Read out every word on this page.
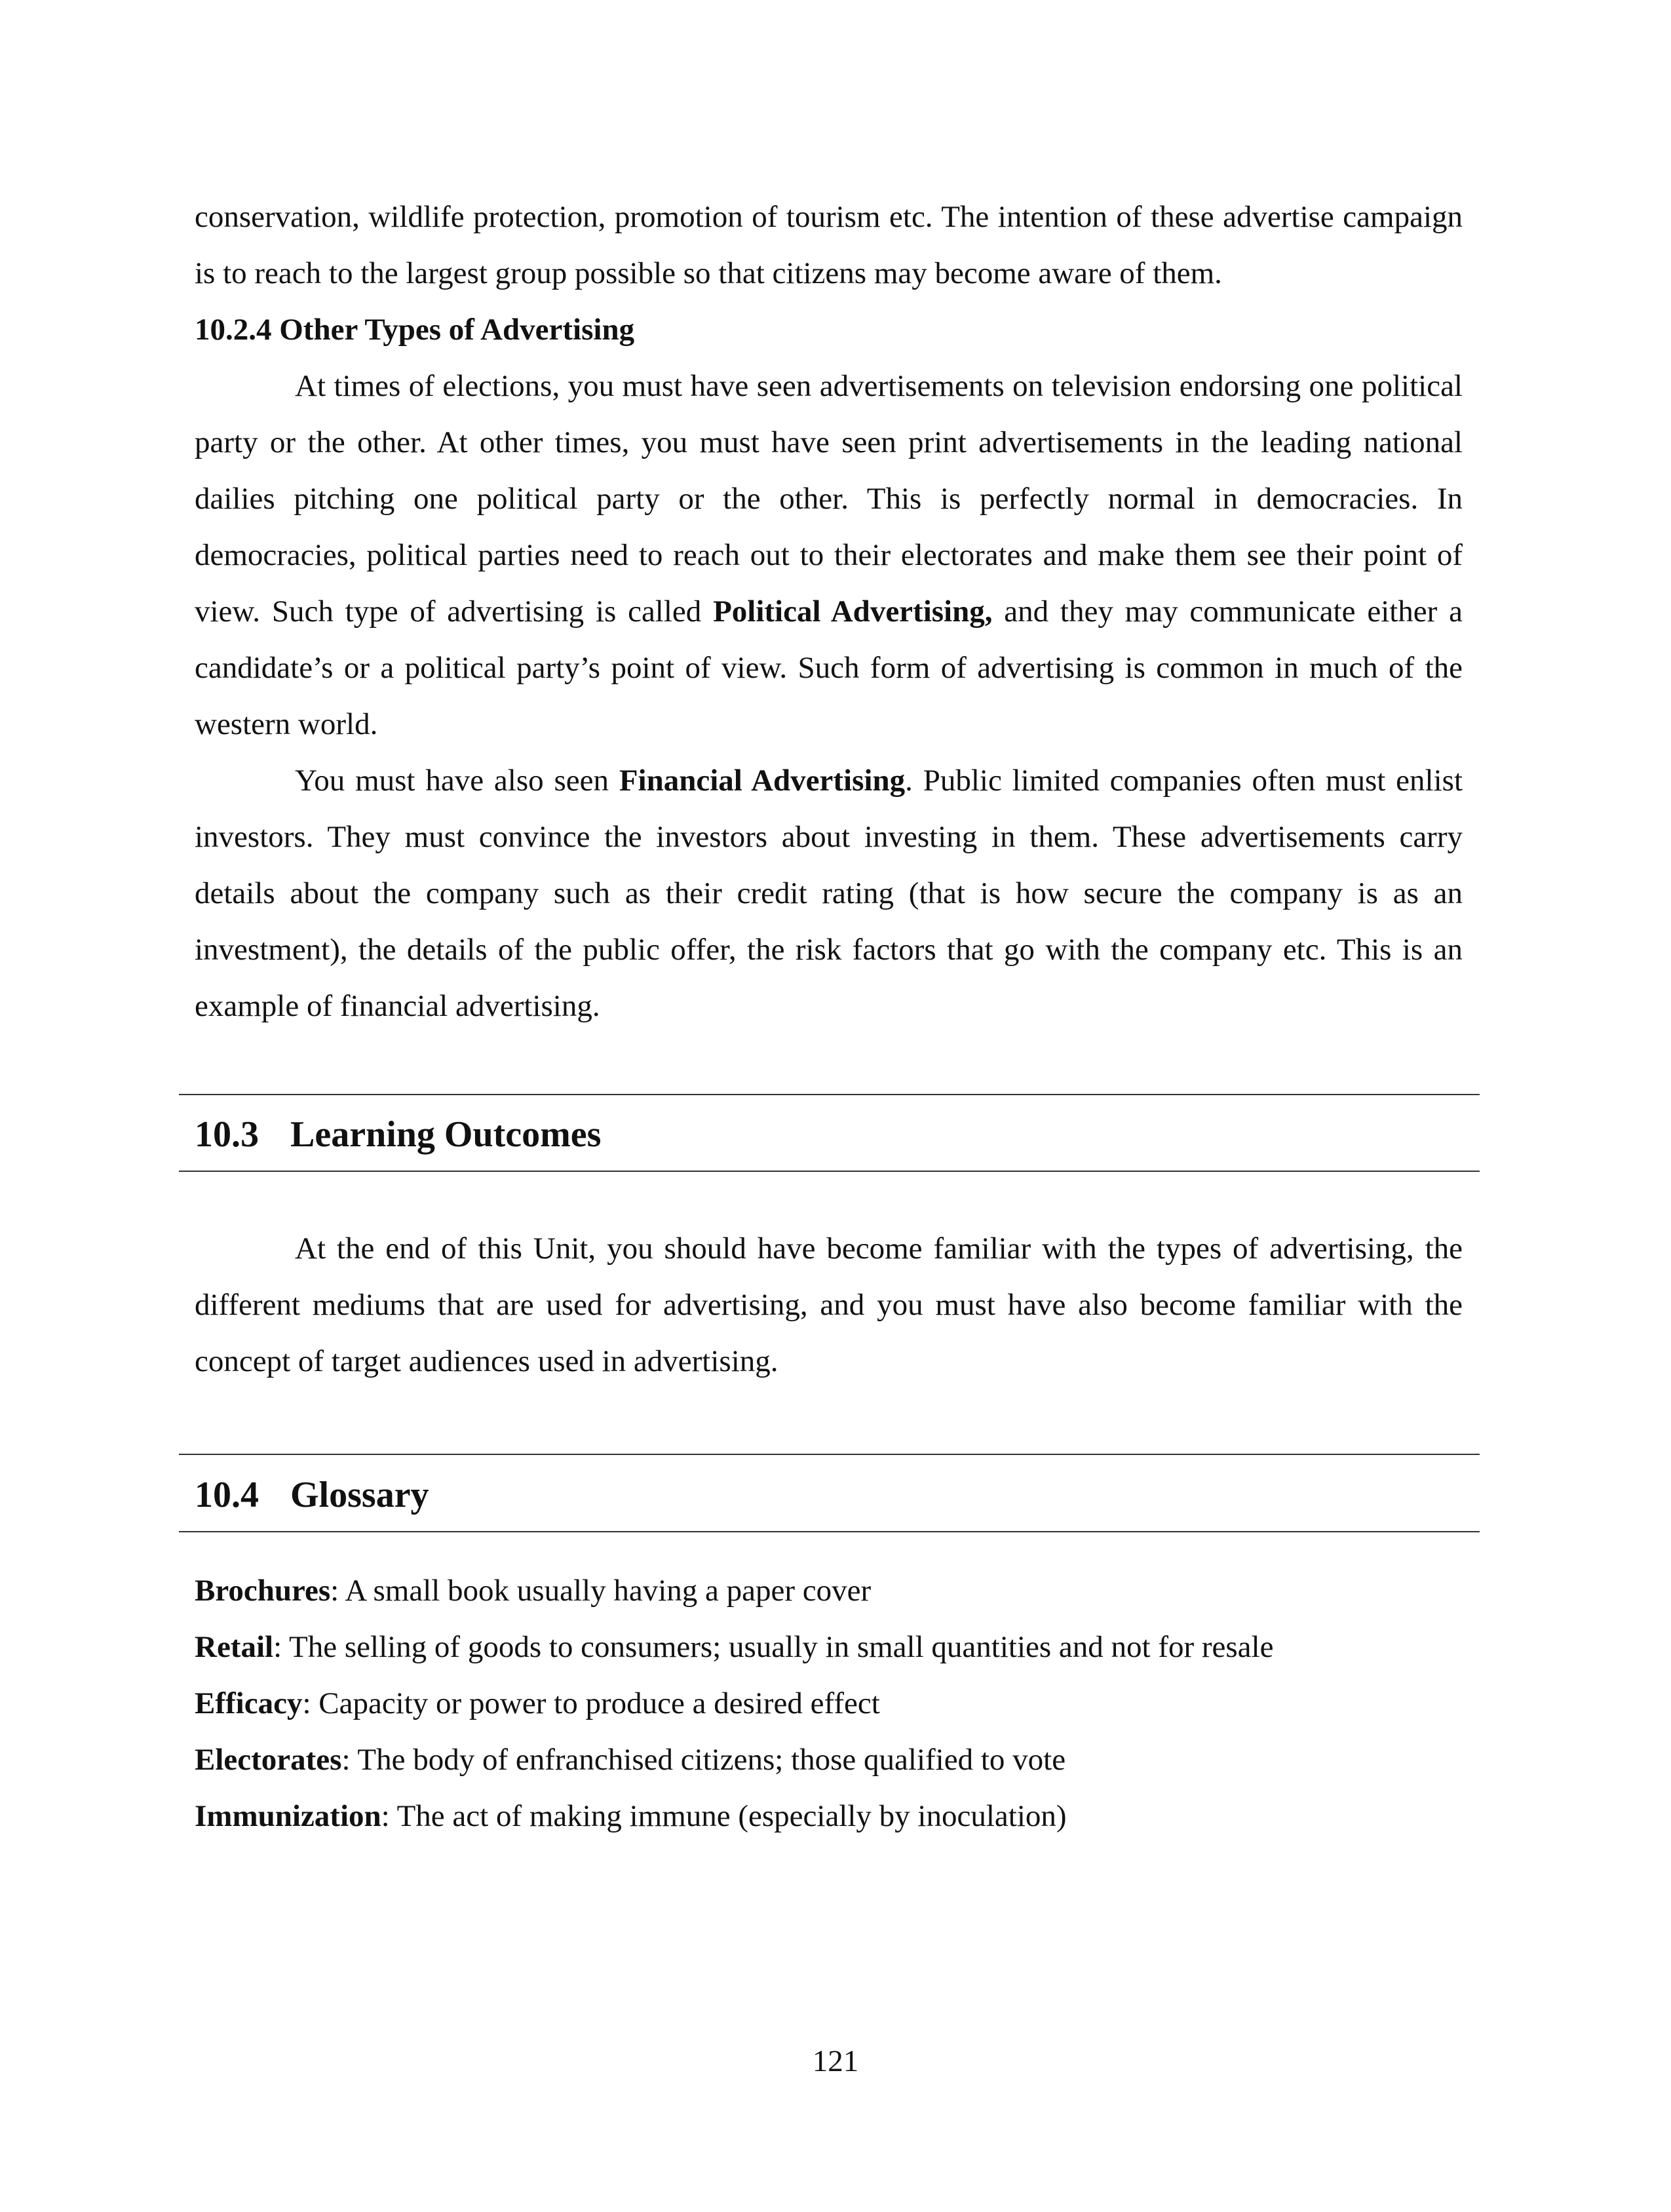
conservation, wildlife protection, promotion of tourism etc. The intention of these advertise campaign is to reach to the largest group possible so that citizens may become aware of them.

10.2.4 Other Types of Advertising

At times of elections, you must have seen advertisements on television endorsing one political party or the other. At other times, you must have seen print advertisements in the leading national dailies pitching one political party or the other. This is perfectly normal in democracies. In democracies, political parties need to reach out to their electorates and make them see their point of view. Such type of advertising is called Political Advertising, and they may communicate either a candidate’s or a political party’s point of view. Such form of advertising is common in much of the western world.

You must have also seen Financial Advertising. Public limited companies often must enlist investors. They must convince the investors about investing in them. These advertisements carry details about the company such as their credit rating (that is how secure the company is as an investment), the details of the public offer, the risk factors that go with the company etc. This is an example of financial advertising.

10.3 Learning Outcomes

At the end of this Unit, you should have become familiar with the types of advertising, the different mediums that are used for advertising, and you must have also become familiar with the concept of target audiences used in advertising.

10.4 Glossary

Brochures: A small book usually having a paper cover

Retail: The selling of goods to consumers; usually in small quantities and not for resale

Efficacy: Capacity or power to produce a desired effect

Electorates: The body of enfranchised citizens; those qualified to vote

Immunization: The act of making immune (especially by inoculation)

121
